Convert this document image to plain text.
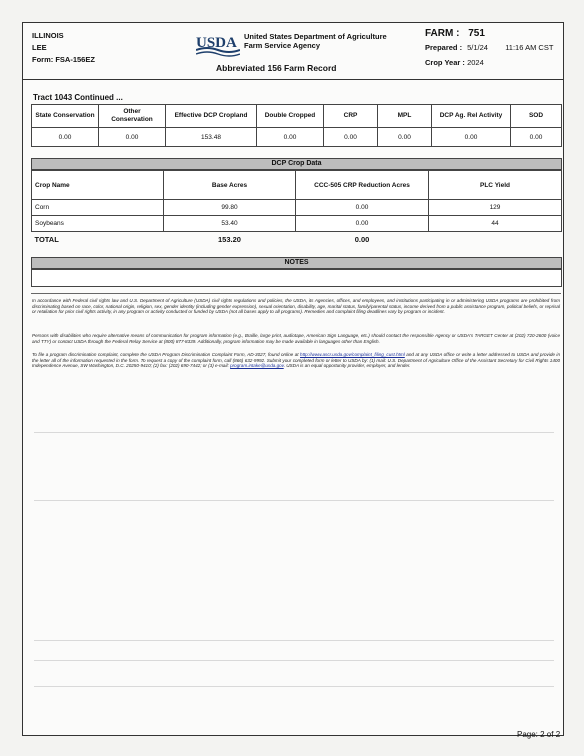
ILLINOIS
LEE
Form: FSA-156EZ
USDA United States Department of Agriculture
Farm Service Agency
Abbreviated 156 Farm Record
FARM : 751
Prepared : 5/1/24 11:16 AM CST
Crop Year : 2024
Tract 1043 Continued ...
State Conservation	Other Conservation	Effective DCP Cropland	Double Cropped	CRP	MPL	DCP Ag. Rel Activity	SOD
0.00	0.00	153.48	0.00	0.00	0.00	0.00	0.00
DCP Crop Data
Crop Name	Base Acres	CCC-505 CRP Reduction Acres	PLC Yield
Corn	99.80	0.00	129
Soybeans	53.40	0.00	44
TOTAL	153.20	0.00	
NOTES
In accordance with Federal civil rights law and U.S. Department of Agriculture (USDA) civil rights regulations and policies, the USDA, its Agencies, offices, and employees, and institutions participating in or administering USDA programs are prohibited from discriminating based on race, color, national origin, religion, sex, gender identity (including gender expression), sexual orientation, disability, age, marital status, family/parental status, income derived from a public assistance program, political beliefs, or reprisal or retaliation for prior civil rights activity, in any program or activity conducted or funded by USDA (not all bases apply to all programs). Remedies and complaint filing deadlines vary by program or incident.
Persons with disabilities who require alternative means of communication for program information (e.g., Braille, large print, audiotape, American Sign Language, etc.) should contact the responsible Agency or USDA's TARGET Center at (202) 720-2600 (voice and TTY) or contact USDA through the Federal Relay Service at (800) 877-8339. Additionally, program information may be made available in languages other than English.
To file a program discrimination complaint, complete the USDA Program Discrimination Complaint Form, AD-3027, found online at http://www.ascr.usda.gov/complaint_filing_cust.html and at any USDA office or write a letter addressed to USDA and provide in the letter all of the information requested in the form. To request a copy of the complaint form, call (866) 632-9992. Submit your completed form or letter to USDA by: (1) mail: U.S. Department of Agriculture Office of the Assistant Secretary for Civil Rights 1400 Independence Avenue, SW Washington, D.C. 20250-9410; (2) fax: (202) 690-7442; or (3) e-mail: program.intake@usda.gov. USDA is an equal opportunity provider, employer, and lender.
Page: 2 of 2
